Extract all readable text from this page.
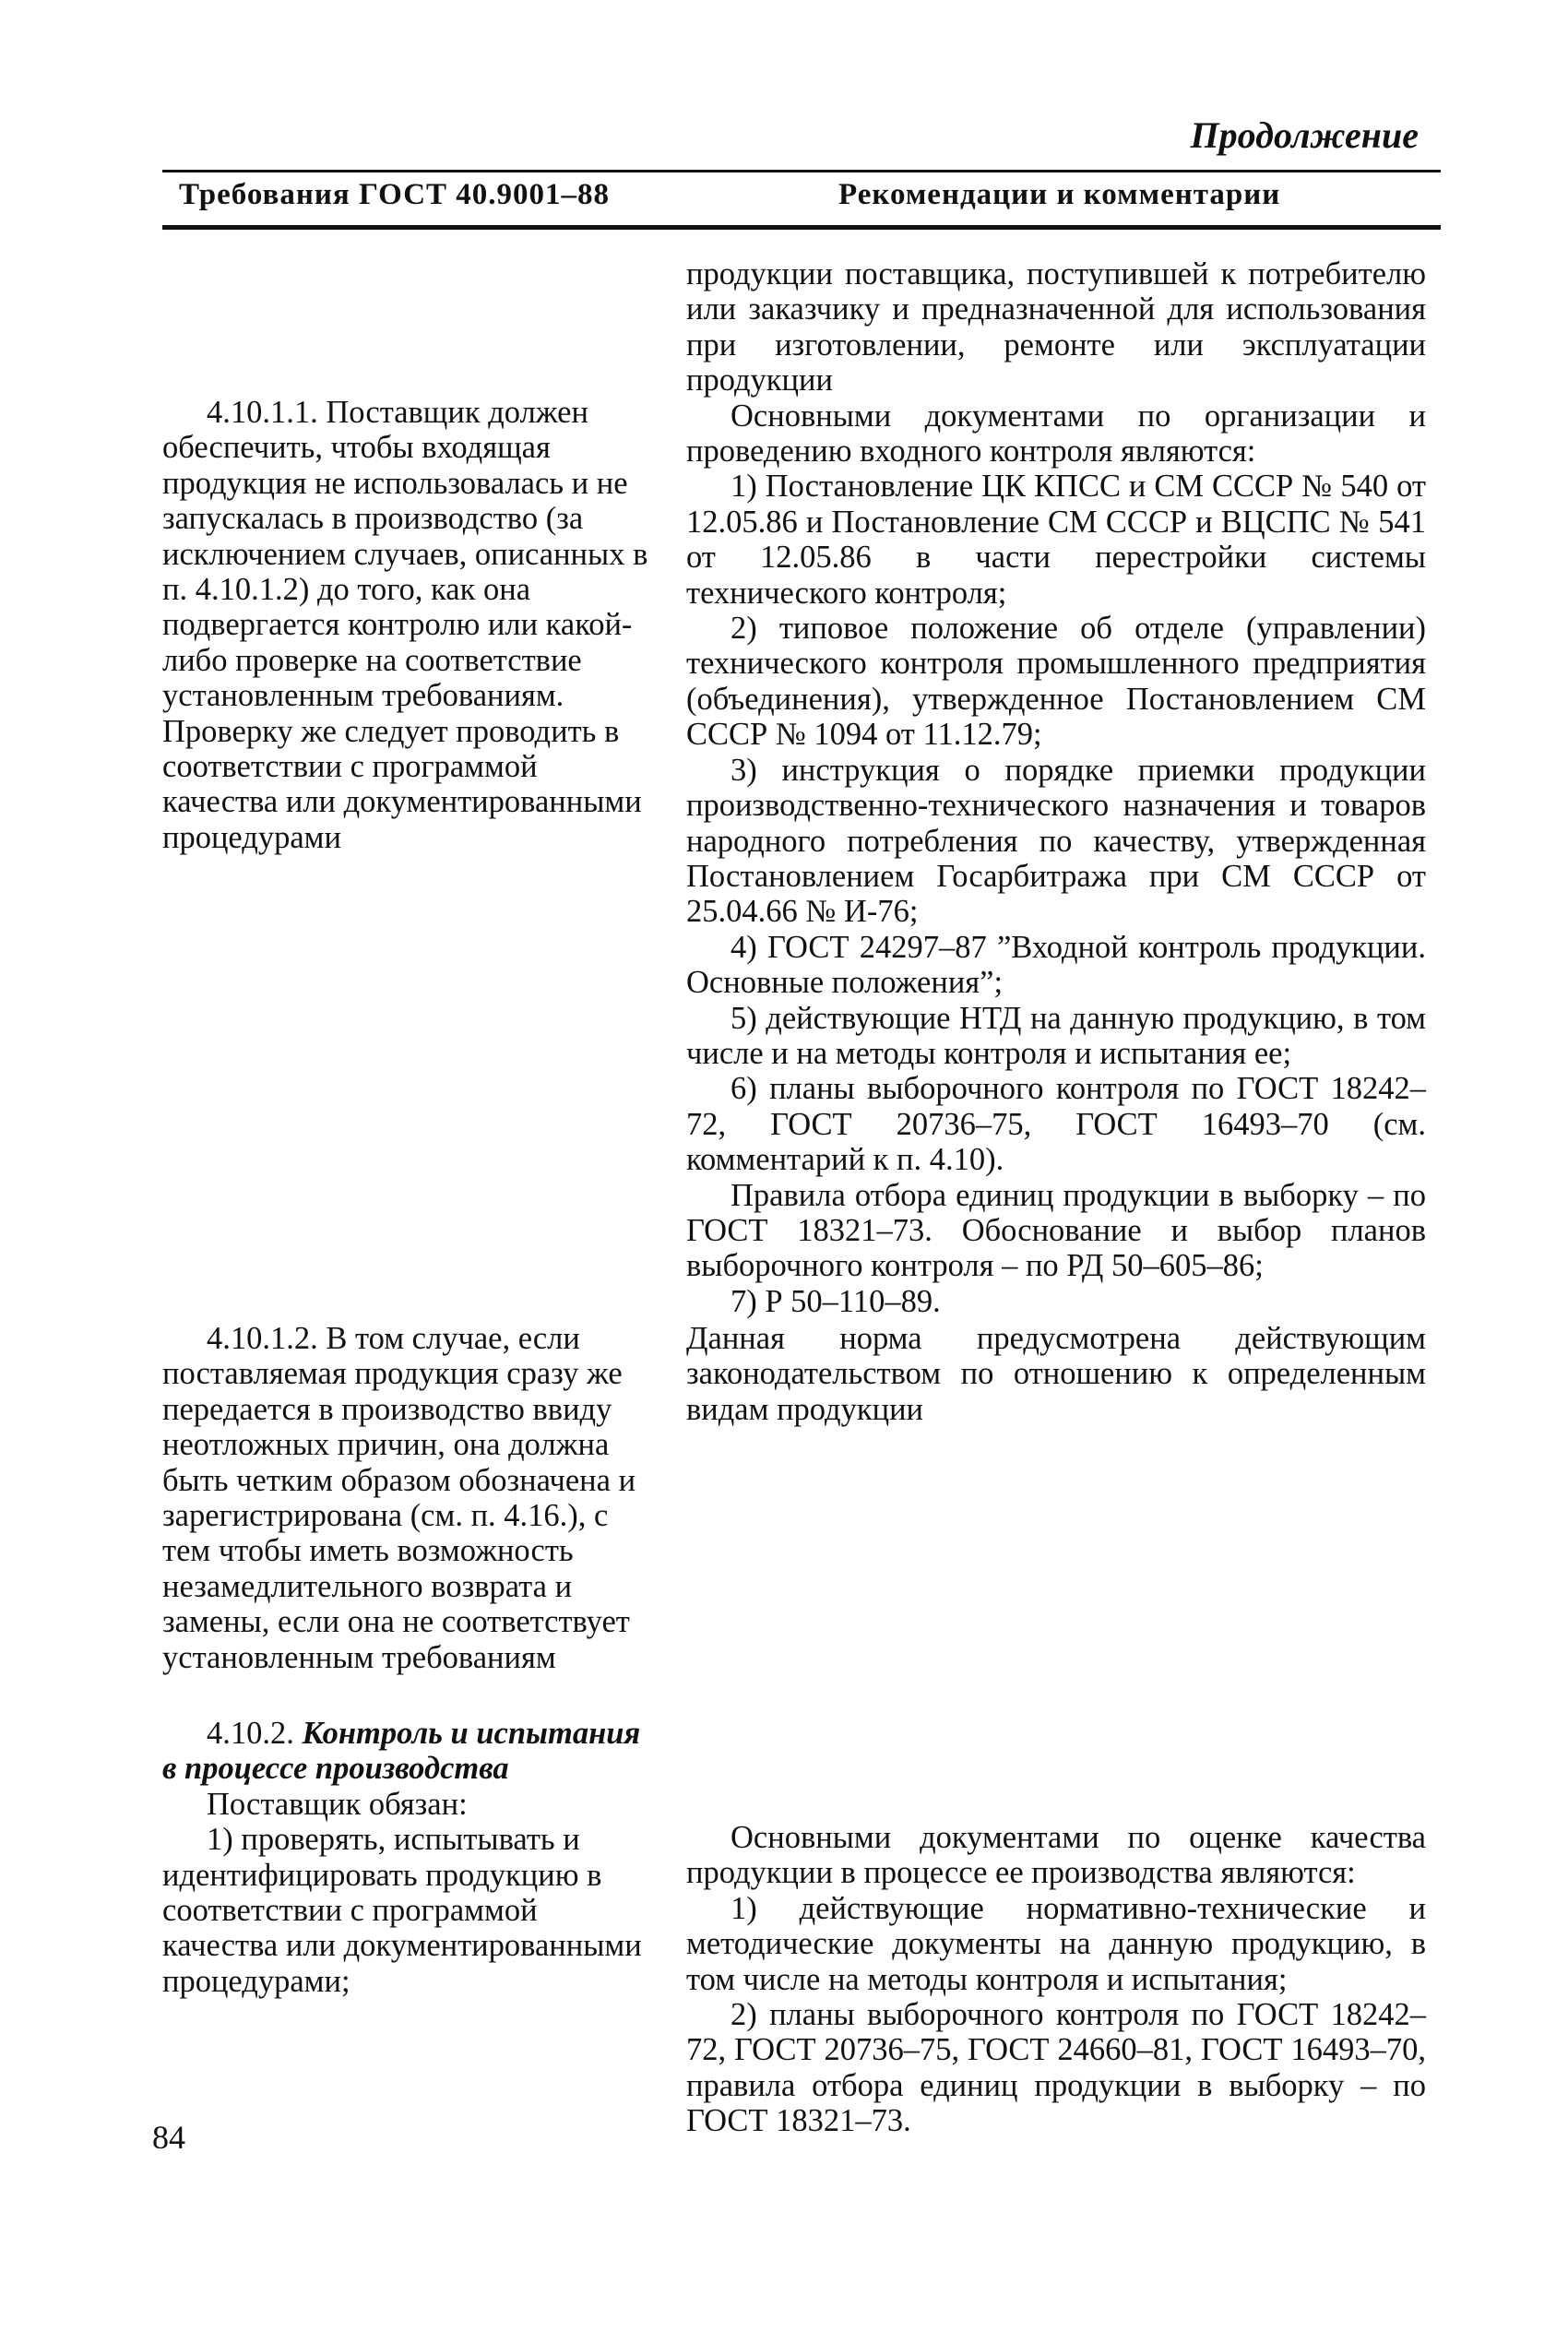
Продолжение
Требования ГОСТ 40.9001–88	Рекомендации и комментарии

продукции поставщика, поступившей к потребителю или заказчику и предназначенной для использования при изготовлении, ремонте или эксплуатации продукции

Основными документами по организации и проведению входного контроля являются:

1) Постановление ЦК КПСС и СМ СССР № 540 от 12.05.86 и Постановление СМ СССР и ВЦСПС № 541 от 12.05.86 в части перестройки системы технического контроля;

2) типовое положение об отделе (управлении) технического контроля промышленного предприятия (объединения), утвержденное Постановлением СМ СССР № 1094 от 11.12.79;

3) инструкция о порядке приемки продукции производственно-технического назначения и товаров народного потребления по качеству, утвержденная Постановлением Госарбитража при СМ СССР от 25.04.66 № И-76;

4) ГОСТ 24297–87 ”Входной контроль продукции. Основные положения”;

5) действующие НТД на данную продукцию, в том числе и на методы контроля и испытания ее;

6) планы выборочного контроля по ГОСТ 18242–72, ГОСТ 20736–75, ГОСТ 16493–70 (см. комментарий к п. 4.10).

Правила отбора единиц продукции в выборку – по ГОСТ 18321–73. Обоснование и выбор планов выборочного контроля – по РД 50–605–86;

7) Р 50–110–89.

4.10.1.1. Поставщик должен обеспечить, чтобы входящая продукция не использовалась и не запускалась в производство (за исключением случаев, описанных в п. 4.10.1.2) до того, как она подвергается контролю или какой-либо проверке на соответствие установленным требованиям. Проверку же следует проводить в соответствии с программой качества или документированными процедурами

4.10.1.2. В том случае, если поставляемая продукция сразу же передается в производство ввиду неотложных причин, она должна быть четким образом обозначена и зарегистрирована (см. п. 4.16.), с тем чтобы иметь возможность незамедлительного возврата и замены, если она не соответствует установленным требованиям

Данная норма предусмотрена действующим законодательством по отношению к определенным видам продукции

4.10.2. Контроль и испытания в процессе производства

Поставщик обязан:

1) проверять, испытывать и идентифицировать продукцию в соответствии с программой качества или документированными процедурами;

Основными документами по оценке качества продукции в процессе ее производства являются:

1) действующие нормативно-технические и методические документы на данную продукцию, в том числе на методы контроля и испытания;

2) планы выборочного контроля по ГОСТ 18242–72, ГОСТ 20736–75, ГОСТ 24660–81, ГОСТ 16493–70, правила отбора единиц продукции в выборку – по ГОСТ 18321–73.

84
